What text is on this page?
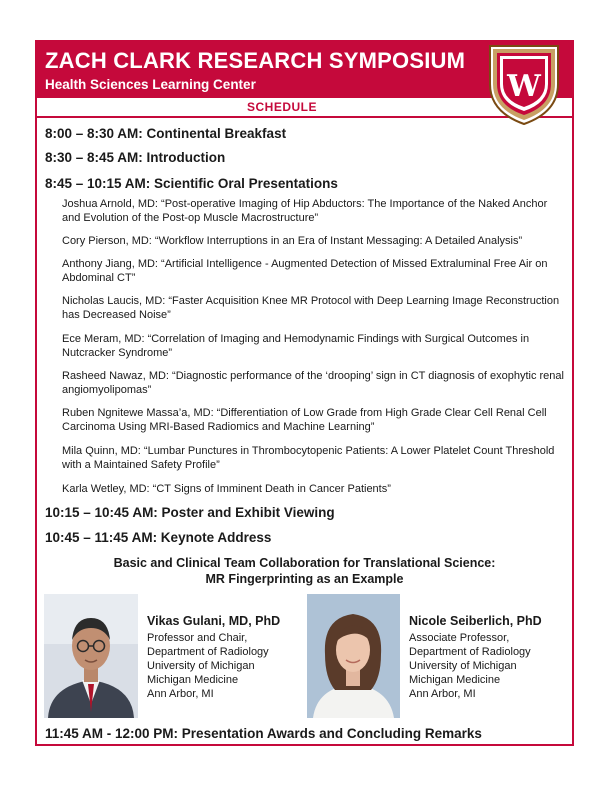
ZACH CLARK RESEARCH SYMPOSIUM
Health Sciences Learning Center
SCHEDULE
W
8:00 – 8:30 AM: Continental Breakfast
8:30 – 8:45 AM: Introduction
8:45 – 10:15 AM: Scientific Oral Presentations
Joshua Arnold, MD: “Post-operative Imaging of Hip Abductors: The Importance of the Naked Anchor and Evolution of the Post-op Muscle Macrostructure”
Cory Pierson, MD: “Workflow Interruptions in an Era of Instant Messaging: A Detailed Analysis”
Anthony Jiang, MD: “Artificial Intelligence - Augmented Detection of Missed Extraluminal Free Air on Abdominal CT”
Nicholas Laucis, MD: “Faster Acquisition Knee MR Protocol with Deep Learning Image Reconstruction has Decreased Noise”
Ece Meram, MD: “Correlation of Imaging and Hemodynamic Findings with Surgical Outcomes in Nutcracker Syndrome”
Rasheed Nawaz, MD: “Diagnostic performance of the ‘drooping’ sign in CT diagnosis of exophytic renal angiomyolipomas”
Ruben Ngnitewe Massa’a, MD: “Differentiation of Low Grade from High Grade Clear Cell Renal Cell Carcinoma Using MRI-Based Radiomics and Machine Learning”
Mila Quinn, MD: “Lumbar Punctures in Thrombocytopenic Patients: A Lower Platelet Count Threshold with a Maintained Safety Profile”
Karla Wetley, MD: “CT Signs of Imminent Death in Cancer Patients”
10:15 – 10:45 AM: Poster and Exhibit Viewing
10:45 – 11:45 AM: Keynote Address
Basic and Clinical Team Collaboration for Translational Science:
MR Fingerprinting as an Example
Vikas Gulani, MD, PhD
Professor and Chair,
Department of Radiology
University of Michigan
Michigan Medicine
Ann Arbor, MI
Nicole Seiberlich, PhD
Associate Professor,
Department of Radiology
University of Michigan
Michigan Medicine
Ann Arbor, MI
11:45 AM - 12:00 PM: Presentation Awards and Concluding Remarks
